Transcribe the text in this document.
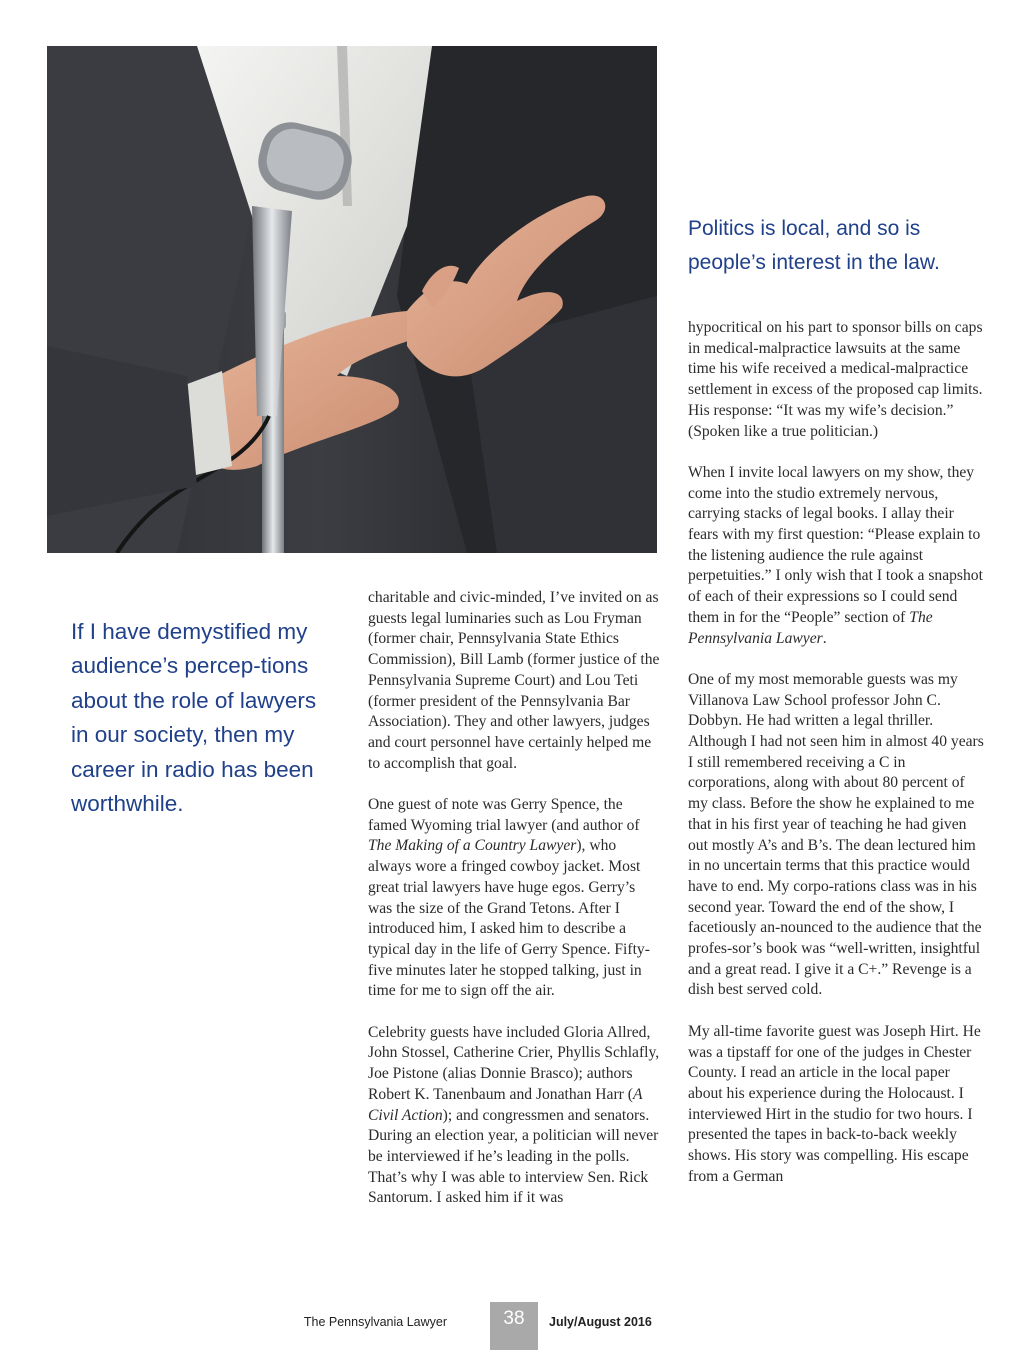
Politics is local, and so is people’s interest in the law.

If I have demystified my audience’s percep-tions about the role of lawyers in our society, then my career in radio has been worthwhile.

charitable and civic-minded, I’ve invited on as guests legal luminaries such as Lou Fryman (former chair, Pennsylvania State Ethics Commission), Bill Lamb (former justice of the Pennsylvania Supreme Court) and Lou Teti (former president of the Pennsylvania Bar Association). They and other lawyers, judges and court personnel have certainly helped me to accomplish that goal.

One guest of note was Gerry Spence, the famed Wyoming trial lawyer (and author of The Making of a Country Lawyer), who always wore a fringed cowboy jacket. Most great trial lawyers have huge egos. Gerry’s was the size of the Grand Tetons. After I introduced him, I asked him to describe a typical day in the life of Gerry Spence. Fifty-five minutes later he stopped talking, just in time for me to sign off the air.

Celebrity guests have included Gloria Allred, John Stossel, Catherine Crier, Phyllis Schlafly, Joe Pistone (alias Donnie Brasco); authors Robert K. Tanenbaum and Jonathan Harr (A Civil Action); and congressmen and senators. During an election year, a politician will never be interviewed if he’s leading in the polls. That’s why I was able to interview Sen. Rick Santorum. I asked him if it was

hypocritical on his part to sponsor bills on caps in medical-malpractice lawsuits at the same time his wife received a medical-malpractice settlement in excess of the proposed cap limits. His response: “It was my wife’s decision.” (Spoken like a true politician.)

When I invite local lawyers on my show, they come into the studio extremely nervous, carrying stacks of legal books. I allay their fears with my first question: “Please explain to the listening audience the rule against perpetuities.” I only wish that I took a snapshot of each of their expressions so I could send them in for the “People” section of The Pennsylvania Lawyer.

One of my most memorable guests was my Villanova Law School professor John C. Dobbyn. He had written a legal thriller. Although I had not seen him in almost 40 years I still remembered receiving a C in corporations, along with about 80 percent of my class. Before the show he explained to me that in his first year of teaching he had given out mostly A’s and B’s. The dean lectured him in no uncertain terms that this practice would have to end. My corpo-rations class was in his second year. Toward the end of the show, I facetiously an-nounced to the audience that the profes-sor’s book was “well-written, insightful and a great read. I give it a C+.” Revenge is a dish best served cold.

My all-time favorite guest was Joseph Hirt. He was a tipstaff for one of the judges in Chester County. I read an article in the local paper about his experience during the Holocaust. I interviewed Hirt in the studio for two hours. I presented the tapes in back-to-back weekly shows. His story was compelling. His escape from a German

The Pennsylvania Lawyer	38	July/August 2016
